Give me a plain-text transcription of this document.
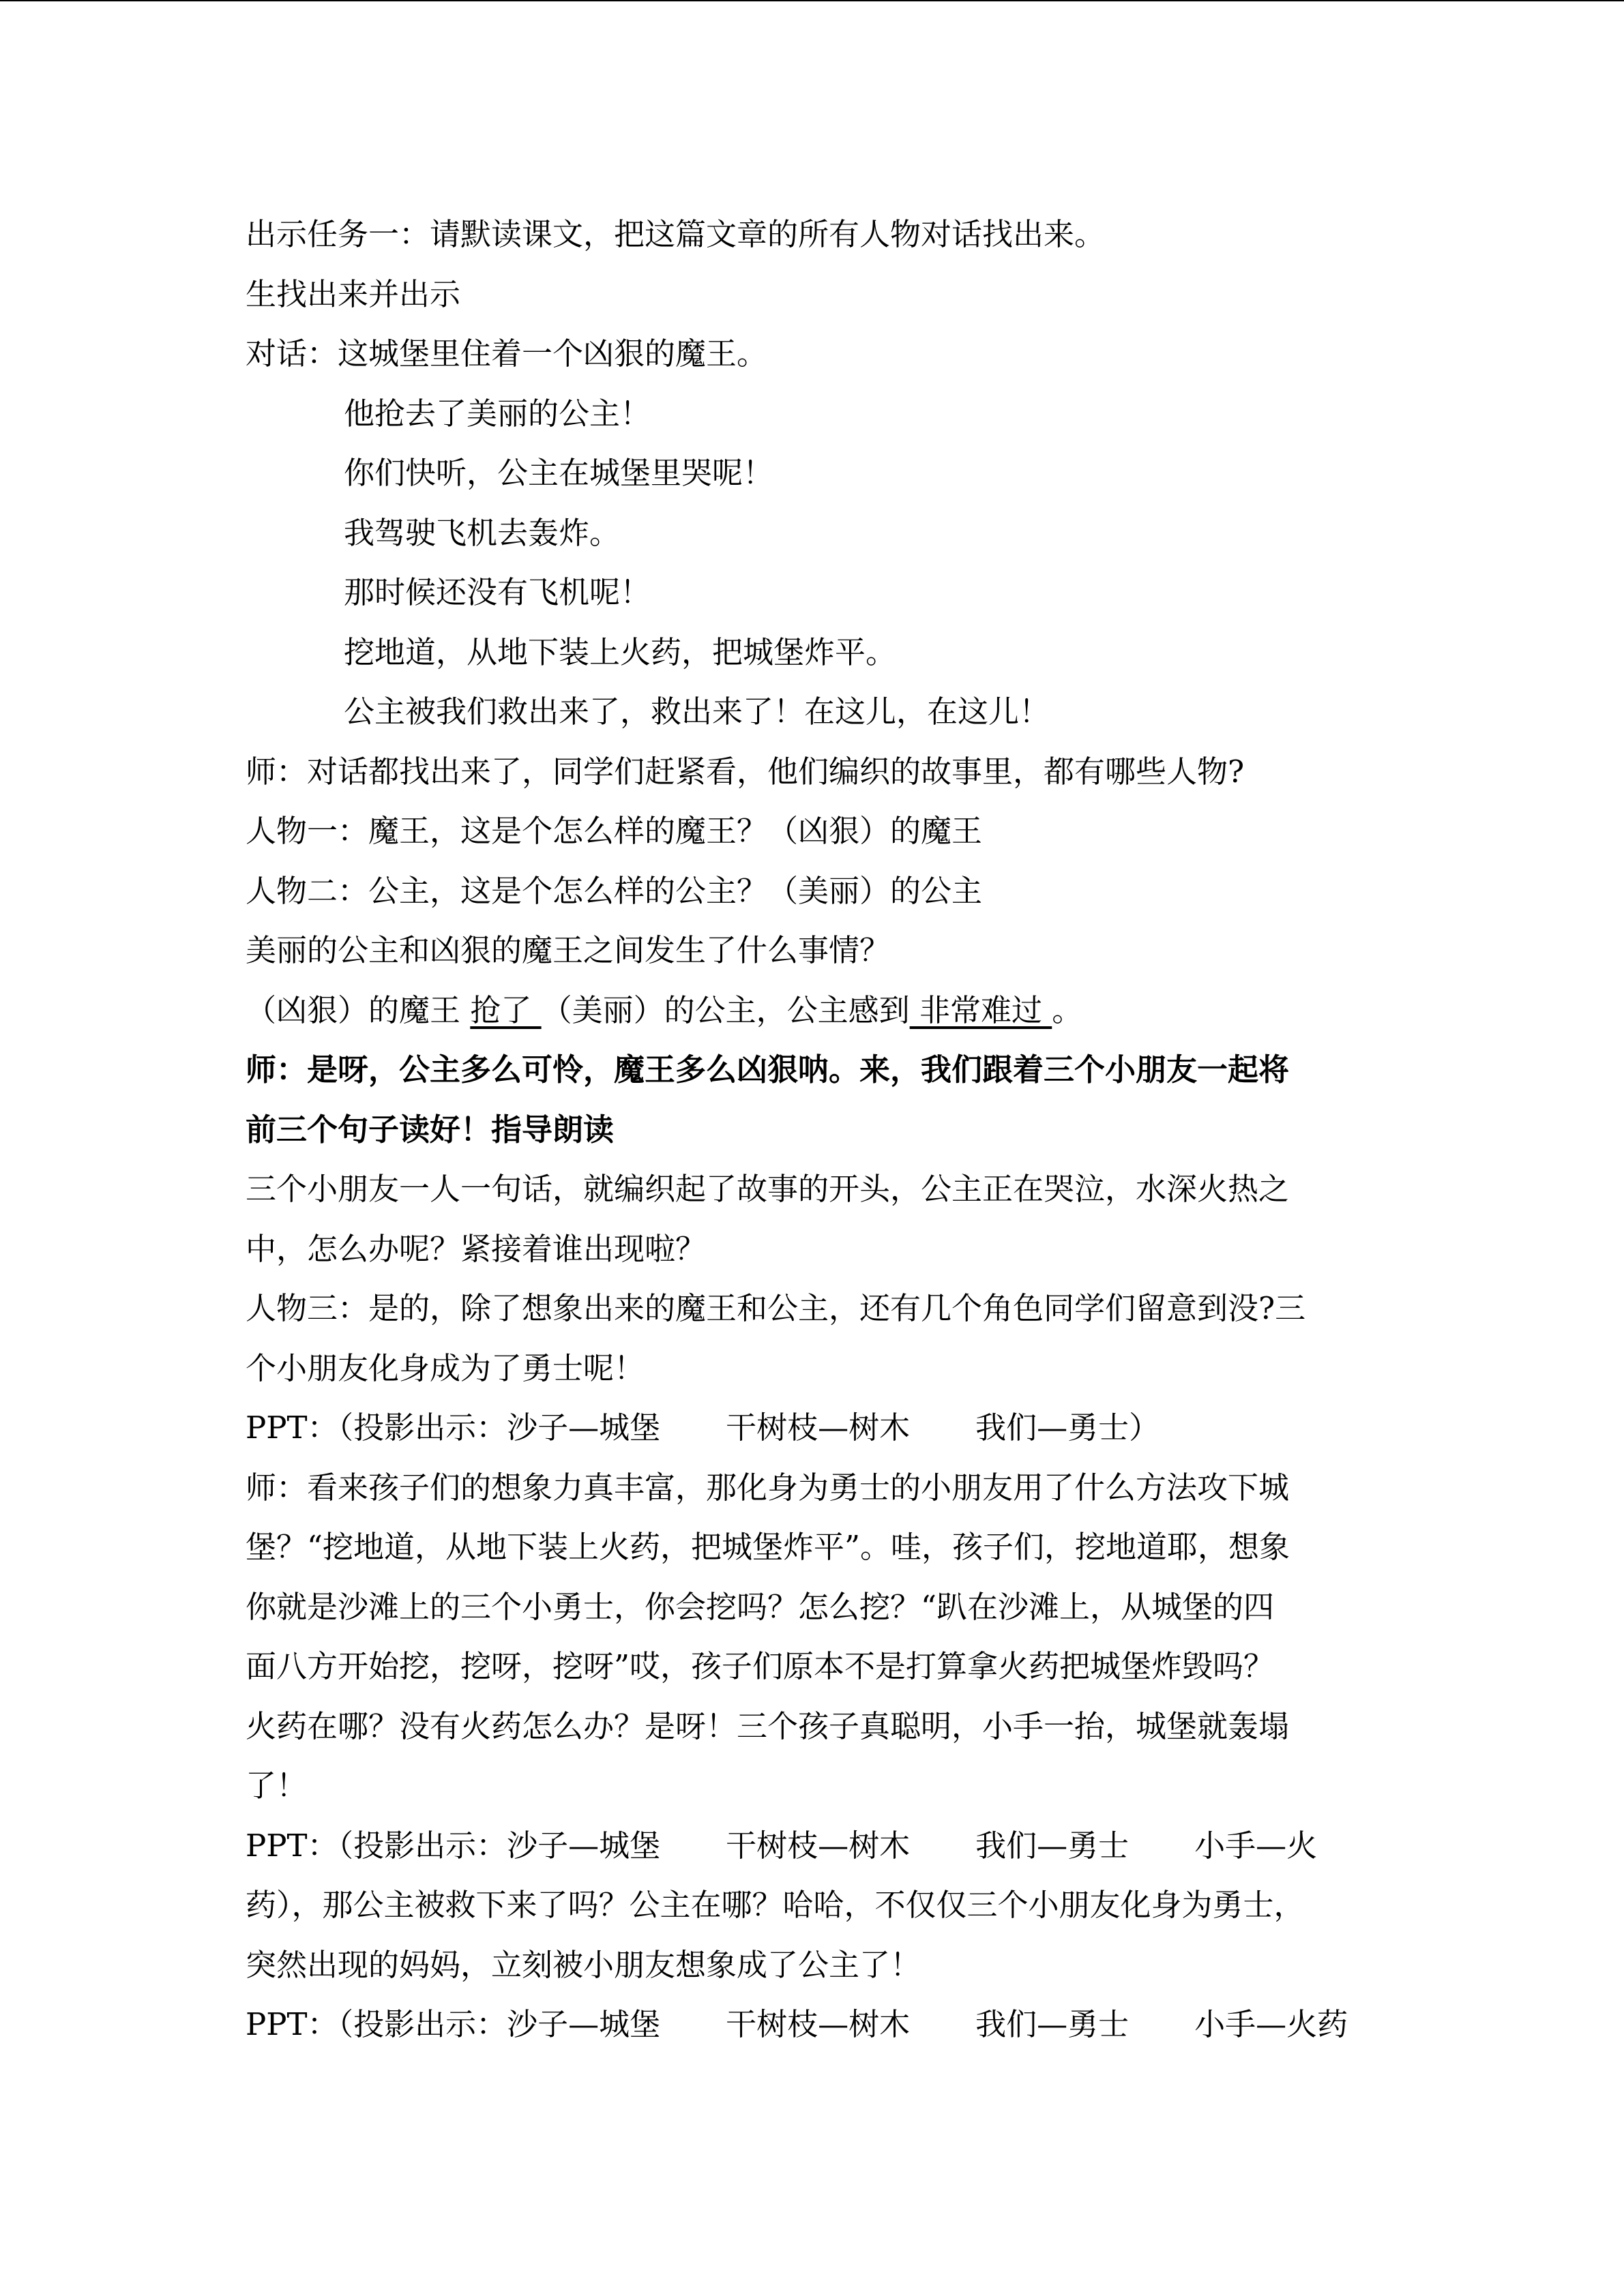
出示任务一：请默读课文，把这篇文章的所有人物对话找出来。

生找出来并出示

对话：这城堡里住着一个凶狠的魔王。

他抢去了美丽的公主！

你们快听，公主在城堡里哭呢！

我驾驶飞机去轰炸。

那时候还没有飞机呢！

挖地道，从地下装上火药，把城堡炸平。

公主被我们救出来了，救出来了！在这儿，在这儿！

师：对话都找出来了，同学们赶紧看，他们编织的故事里，都有哪些人物?

人物一：魔王，这是个怎么样的魔王？（凶狠）的魔王

人物二：公主，这是个怎么样的公主？（美丽）的公主

美丽的公主和凶狠的魔王之间发生了什么事情？

（凶狠）的魔王 抢了 （美丽）的公主，公主感到 非常难过 。

师：是呀，公主多么可怜，魔王多么凶狠呐。来，我们跟着三个小朋友一起将

前三个句子读好！指导朗读

三个小朋友一人一句话，就编织起了故事的开头，公主正在哭泣，水深火热之

中，怎么办呢？紧接着谁出现啦？

人物三：是的，除了想象出来的魔王和公主，还有几个角色同学们留意到没?三

个小朋友化身成为了勇士呢！

PPT：（投影出示：沙子—城堡 干树枝—树木 我们—勇士）

师：看来孩子们的想象力真丰富，那化身为勇士的小朋友用了什么方法攻下城

堡？“挖地道，从地下装上火药，把城堡炸平”。哇，孩子们，挖地道耶，想象

你就是沙滩上的三个小勇士，你会挖吗？怎么挖？“趴在沙滩上，从城堡的四

面八方开始挖，挖呀，挖呀”哎，孩子们原本不是打算拿火药把城堡炸毁吗？

火药在哪？没有火药怎么办？是呀！三个孩子真聪明，小手一抬，城堡就轰塌

了！

PPT：（投影出示：沙子—城堡 干树枝—树木 我们—勇士 小手—火

药），那公主被救下来了吗？公主在哪？哈哈，不仅仅三个小朋友化身为勇士，

突然出现的妈妈，立刻被小朋友想象成了公主了！

PPT：（投影出示：沙子—城堡 干树枝—树木 我们—勇士 小手—火药
